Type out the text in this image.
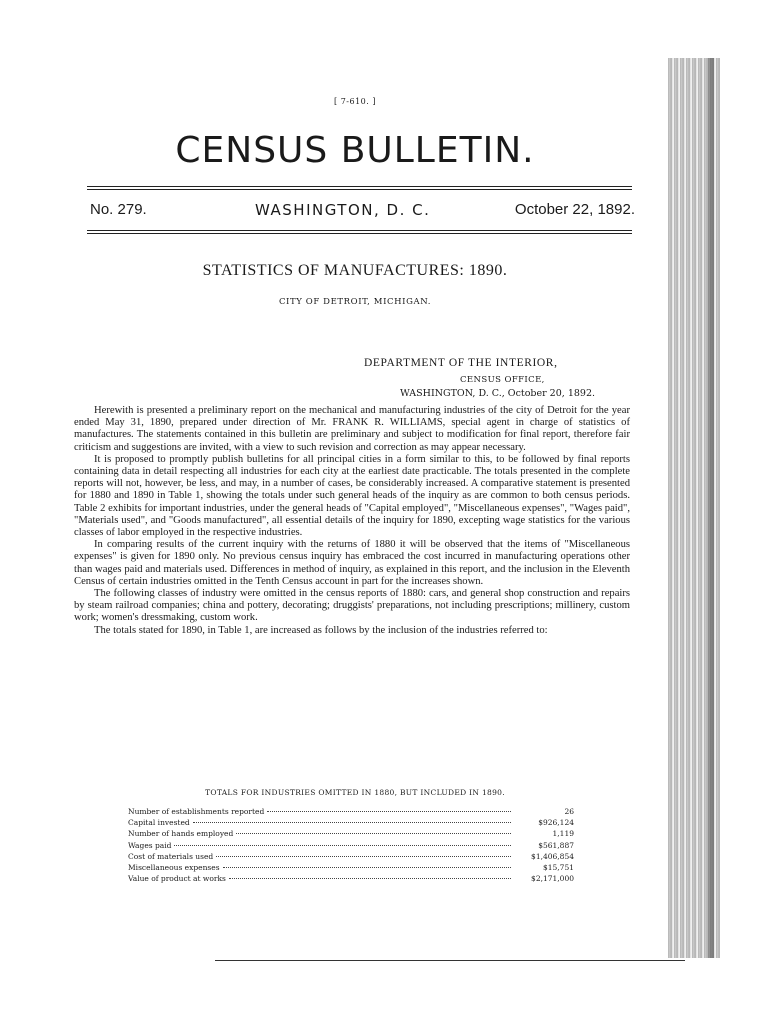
[ 7-610. ]
CENSUS BULLETIN.
No. 279.	WASHINGTON, D. C.	October 22, 1892.
STATISTICS OF MANUFACTURES: 1890.
CITY OF DETROIT, MICHIGAN.
DEPARTMENT OF THE INTERIOR,
CENSUS OFFICE,
WASHINGTON, D. C., October 20, 1892.

Herewith is presented a preliminary report on the mechanical and manufacturing industries of the city of Detroit for the year ended May 31, 1890, prepared under direction of Mr. FRANK R. WILLIAMS, special agent in charge of statistics of manufactures. The statements contained in this bulletin are preliminary and subject to modification for final report, therefore fair criticism and suggestions are invited, with a view to such revision and correction as may appear necessary.

It is proposed to promptly publish bulletins for all principal cities in a form similar to this, to be followed by final reports containing data in detail respecting all industries for each city at the earliest date practicable. The totals presented in the complete reports will not, however, be less, and may, in a number of cases, be considerably increased. A comparative statement is presented for 1880 and 1890 in Table 1, showing the totals under such general heads of the inquiry as are common to both census periods. Table 2 exhibits for important industries, under the general heads of "Capital employed", "Miscellaneous expenses", "Wages paid", "Materials used", and "Goods manufactured", all essential details of the inquiry for 1890, excepting wage statistics for the various classes of labor employed in the respective industries.

In comparing results of the current inquiry with the returns of 1880 it will be observed that the items of "Miscellaneous expenses" is given for 1890 only. No previous census inquiry has embraced the cost incurred in manufacturing operations other than wages paid and materials used. Differences in method of inquiry, as explained in this report, and the inclusion in the Eleventh Census of certain industries omitted in the Tenth Census account in part for the increases shown.

The following classes of industry were omitted in the census reports of 1880: cars, and general shop construction and repairs by steam railroad companies; china and pottery, decorating; druggists' preparations, not including prescriptions; millinery, custom work; women's dressmaking, custom work.

The totals stated for 1890, in Table 1, are increased as follows by the inclusion of the industries referred to:

TOTALS FOR INDUSTRIES OMITTED IN 1880, BUT INCLUDED IN 1890.
Number of establishments reported	26
Capital invested	$926,124
Number of hands employed	1,119
Wages paid	$561,887
Cost of materials used	$1,406,854
Miscellaneous expenses	$15,751
Value of product at works	$2,171,000
